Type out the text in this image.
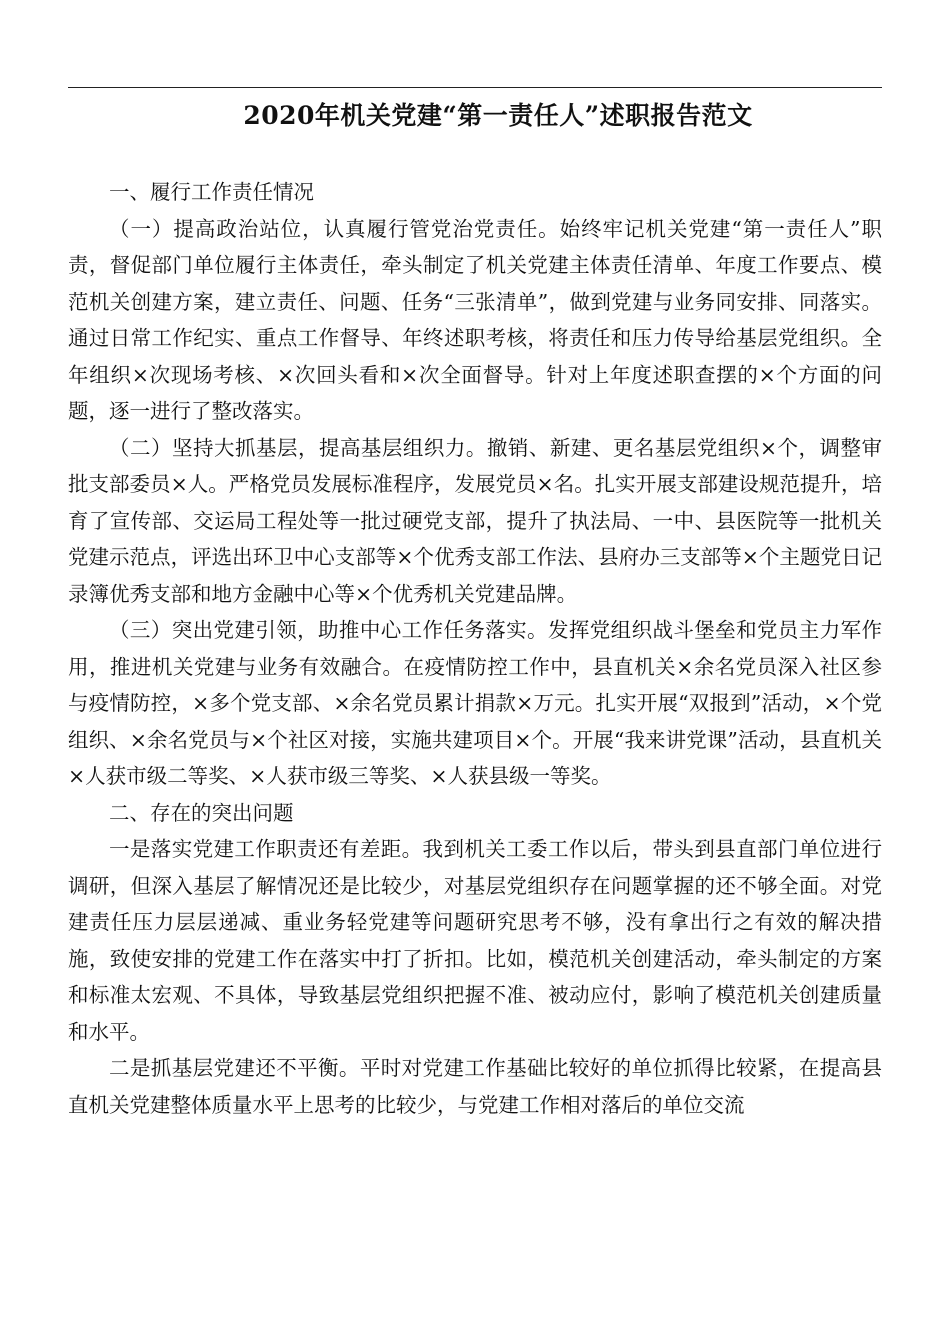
2020年机关党建“第一责任人”述职报告范文

一、履行工作责任情况

（一）提高政治站位，认真履行管党治党责任。始终牢记机关党建“第一责任人”职责，督促部门单位履行主体责任，牵头制定了机关党建主体责任清单、年度工作要点、模范机关创建方案，建立责任、问题、任务“三张清单”，做到党建与业务同安排、同落实。通过日常工作纪实、重点工作督导、年终述职考核，将责任和压力传导给基层党组织。全年组织×次现场考核、×次回头看和×次全面督导。针对上年度述职查摆的×个方面的问题，逐一进行了整改落实。

（二）坚持大抓基层，提高基层组织力。撤销、新建、更名基层党组织×个，调整审批支部委员×人。严格党员发展标准程序，发展党员×名。扎实开展支部建设规范提升，培育了宣传部、交运局工程处等一批过硬党支部，提升了执法局、一中、县医院等一批机关党建示范点，评选出环卫中心支部等×个优秀支部工作法、县府办三支部等×个主题党日记录簿优秀支部和地方金融中心等×个优秀机关党建品牌。

（三）突出党建引领，助推中心工作任务落实。发挥党组织战斗堡垒和党员主力军作用，推进机关党建与业务有效融合。在疫情防控工作中，县直机关×余名党员深入社区参与疫情防控，×多个党支部、×余名党员累计捐款×万元。扎实开展“双报到”活动，×个党组织、×余名党员与×个社区对接，实施共建项目×个。开展“我来讲党课”活动，县直机关×人获市级二等奖、×人获市级三等奖、×人获县级一等奖。

二、存在的突出问题

一是落实党建工作职责还有差距。我到机关工委工作以后，带头到县直部门单位进行调研，但深入基层了解情况还是比较少，对基层党组织存在问题掌握的还不够全面。对党建责任压力层层递减、重业务轻党建等问题研究思考不够，没有拿出行之有效的解决措施，致使安排的党建工作在落实中打了折扣。比如，模范机关创建活动，牵头制定的方案和标准太宏观、不具体，导致基层党组织把握不准、被动应付，影响了模范机关创建质量和水平。

二是抓基层党建还不平衡。平时对党建工作基础比较好的单位抓得比较紧，在提高县直机关党建整体质量水平上思考的比较少，与党建工作相对落后的单位交流
